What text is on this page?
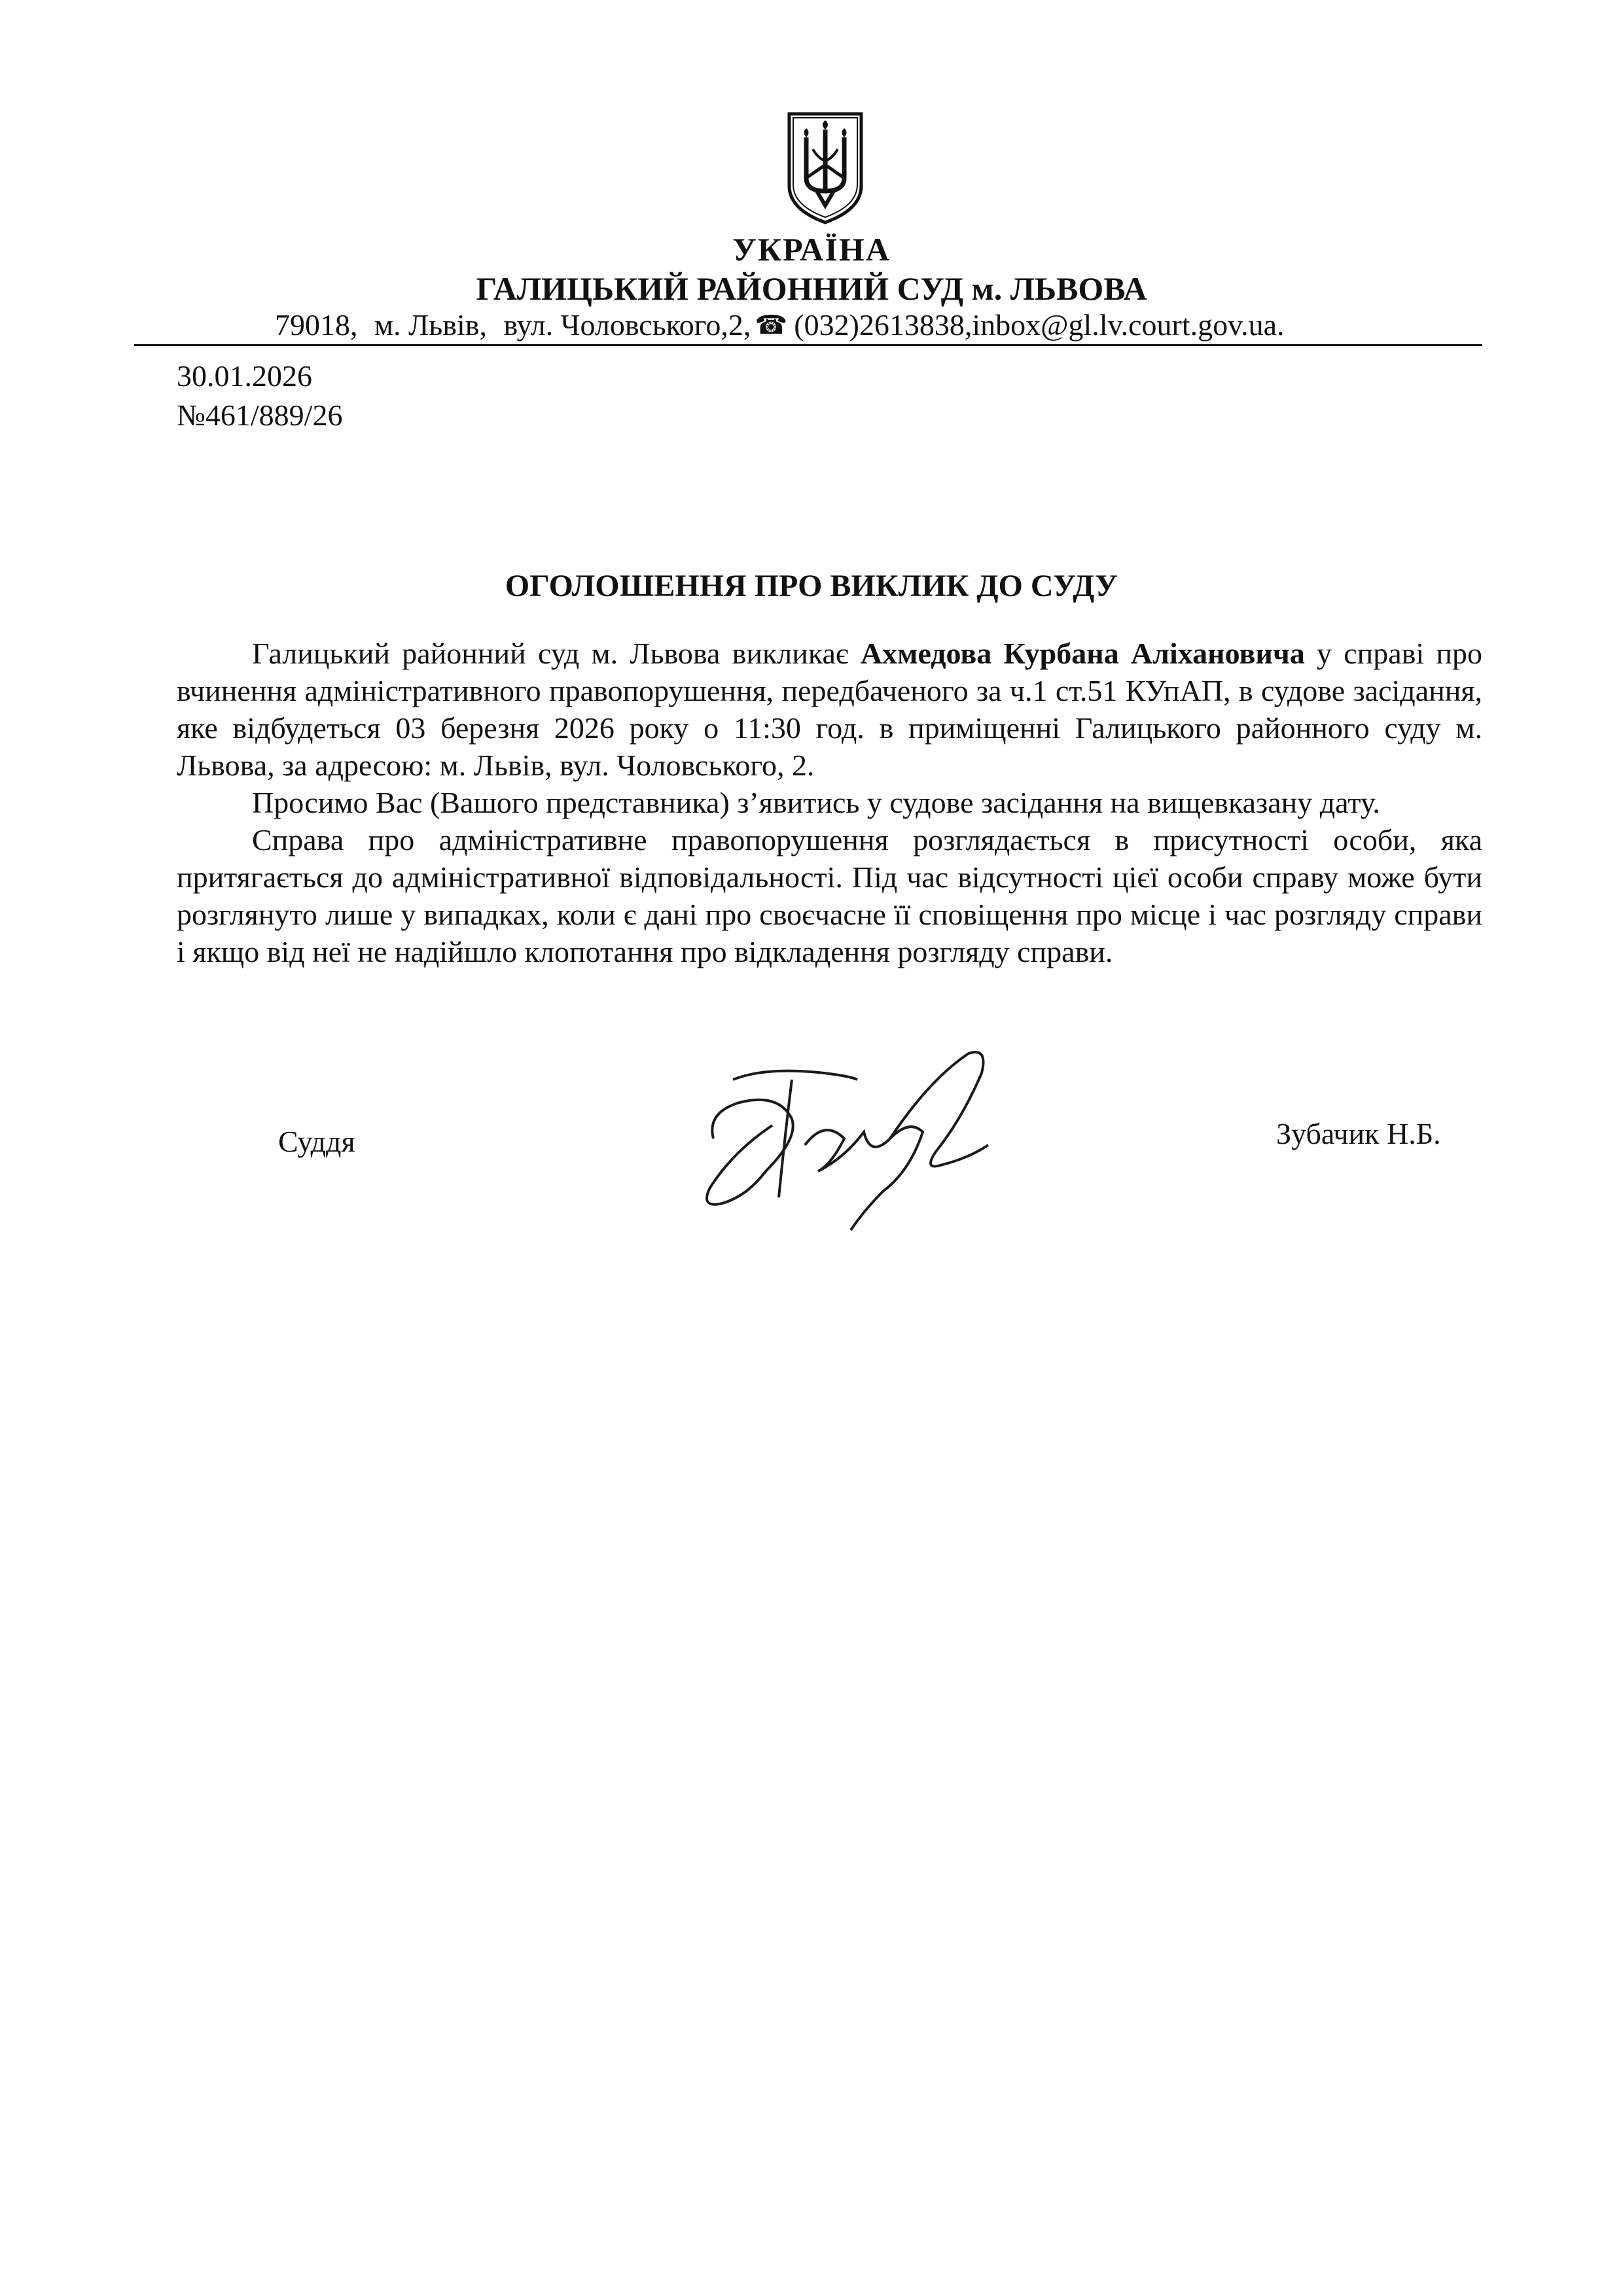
УКРАЇНА
ГАЛИЦЬКИЙ РАЙОННИЙ СУД м. ЛЬВОВА
79018, м. Львів, вул. Чоловського,2, ☎ (032)2613838,inbox@gl.lv.court.gov.ua.
30.01.2026
№461/889/26
ОГОЛОШЕННЯ ПРО ВИКЛИК ДО СУДУ

Галицький районний суд м. Львова викликає Ахмедова Курбана Аліхановича у справі про вчинення адміністративного правопорушення, передбаченого за ч.1 ст.51 КУпАП, в судове засідання, яке відбудеться 03 березня 2026 року о 11:30 год. в приміщенні Галицького районного суду м. Львова, за адресою: м. Львів, вул. Чоловського, 2.

Просимо Вас (Вашого представника) з’явитись у судове засідання на вищевказану дату.

Справа про адміністративне правопорушення розглядається в присутності особи, яка притягається до адміністративної відповідальності. Під час відсутності цієї особи справу може бути розглянуто лише у випадках, коли є дані про своєчасне її сповіщення про місце і час розгляду справи і якщо від неї не надійшло клопотання про відкладення розгляду справи.

Суддя	Зубачик Н.Б.
